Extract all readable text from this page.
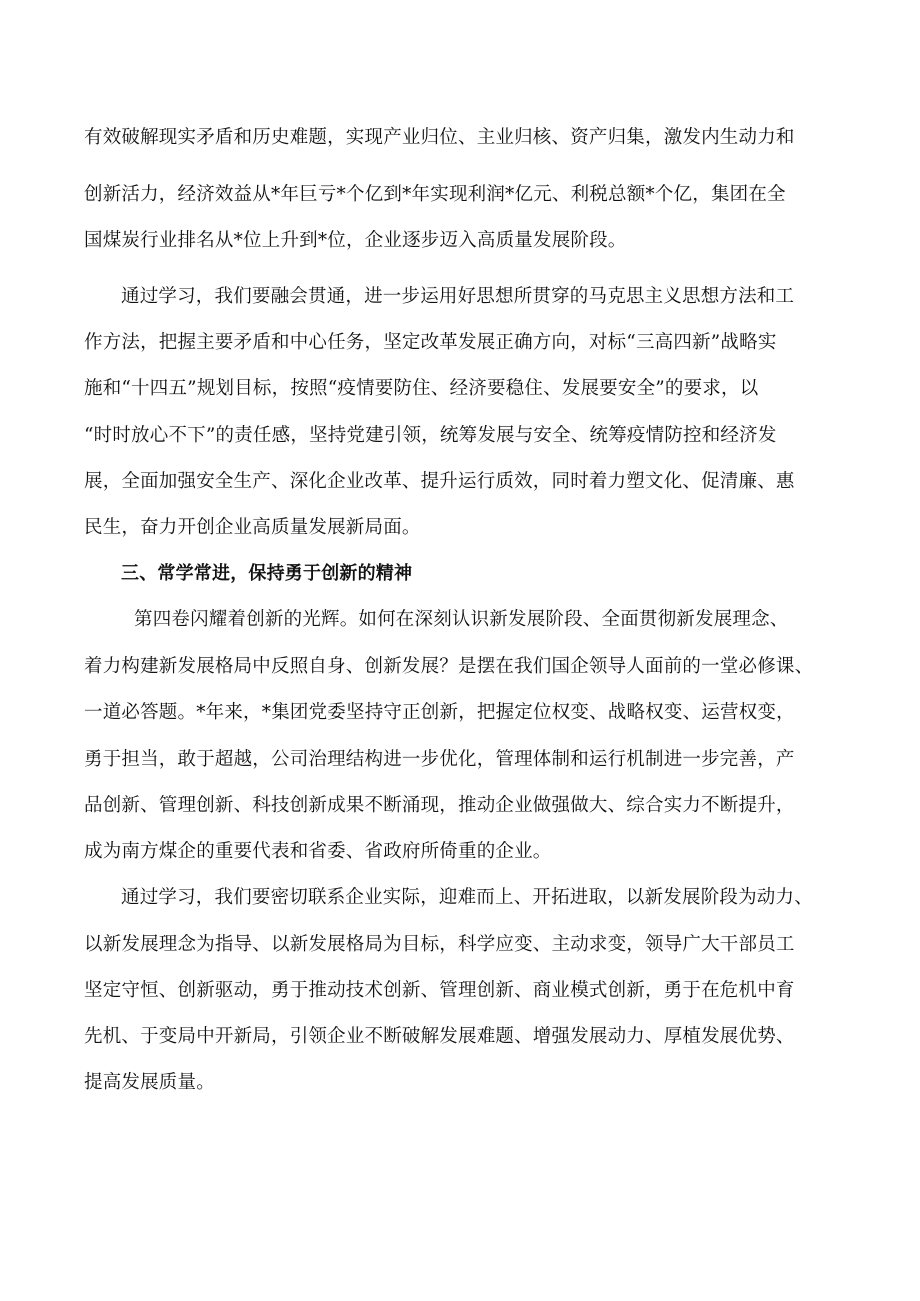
有效破解现实矛盾和历史难题，实现产业归位、主业归核、资产归集，激发内生动力和
创新活力，经济效益从*年巨亏*个亿到*年实现利润*亿元、利税总额*个亿，集团在全
国煤炭行业排名从*位上升到*位，企业逐步迈入高质量发展阶段。
通过学习，我们要融会贯通，进一步运用好思想所贯穿的马克思主义思想方法和工
作方法，把握主要矛盾和中心任务，坚定改革发展正确方向，对标“三高四新”战略实
施和“十四五”规划目标，按照“疫情要防住、经济要稳住、发展要安全”的要求，以
“时时放心不下”的责任感，坚持党建引领，统筹发展与安全、统筹疫情防控和经济发
展，全面加强安全生产、深化企业改革、提升运行质效，同时着力塑文化、促清廉、惠
民生，奋力开创企业高质量发展新局面。
三、常学常进，保持勇于创新的精神
第四卷闪耀着创新的光辉。如何在深刻认识新发展阶段、全面贯彻新发展理念、
着力构建新发展格局中反照自身、创新发展？是摆在我们国企领导人面前的一堂必修课、
一道必答题。*年来，*集团党委坚持守正创新，把握定位权变、战略权变、运营权变，
勇于担当，敢于超越，公司治理结构进一步优化，管理体制和运行机制进一步完善，产
品创新、管理创新、科技创新成果不断涌现，推动企业做强做大、综合实力不断提升，
成为南方煤企的重要代表和省委、省政府所倚重的企业。
通过学习，我们要密切联系企业实际，迎难而上、开拓进取，以新发展阶段为动力、
以新发展理念为指导、以新发展格局为目标，科学应变、主动求变，领导广大干部员工
坚定守恒、创新驱动，勇于推动技术创新、管理创新、商业模式创新，勇于在危机中育
先机、于变局中开新局，引领企业不断破解发展难题、增强发展动力、厚植发展优势、
提高发展质量。
